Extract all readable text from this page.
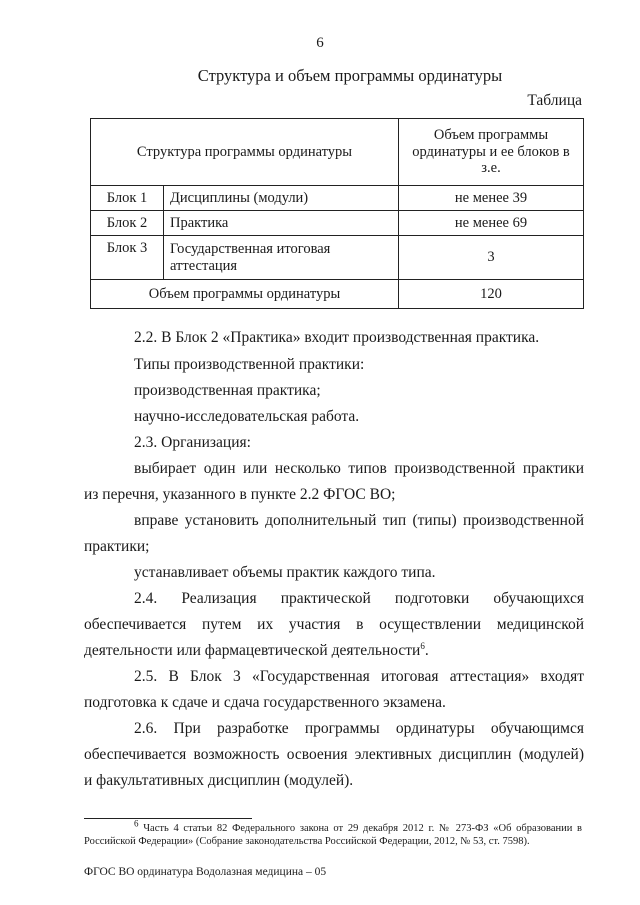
6
Структура и объем программы ординатуры
Таблица
Структура программы ординатуры		Объем программы ординатуры и ее блоков в з.е.
Блок 1	Дисциплины (модули)	не менее 39
Блок 2	Практика	не менее 69
Блок 3	Государственная итоговая аттестация	3
Объем программы ординатуры		120
2.2. В Блок 2 «Практика» входит производственная практика.
Типы производственной практики:
производственная практика;
научно-исследовательская работа.
2.3. Организация:
выбирает один или несколько типов производственной практики
из перечня, указанного в пункте 2.2 ФГОС ВО;
вправе установить дополнительный тип (типы) производственной
практики;
устанавливает объемы практик каждого типа.
2.4. Реализация практической подготовки обучающихся
обеспечивается путем их участия в осуществлении медицинской
деятельности или фармацевтической деятельности$^6$.
2.5. В Блок 3 «Государственная итоговая аттестация» входят
подготовка к сдаче и сдача государственного экзамена.
2.6. При разработке программы ординатуры обучающимся
обеспечивается возможность освоения элективных дисциплин (модулей)
и факультативных дисциплин (модулей).
$^6$ Часть 4 статьи 82 Федерального закона от 29 декабря 2012 г. № 273-ФЗ «Об образовании в Российской Федерации» (Собрание законодательства Российской Федерации, 2012, № 53, ст. 7598).
ФГОС ВО ординатура Водолазная медицина – 05
